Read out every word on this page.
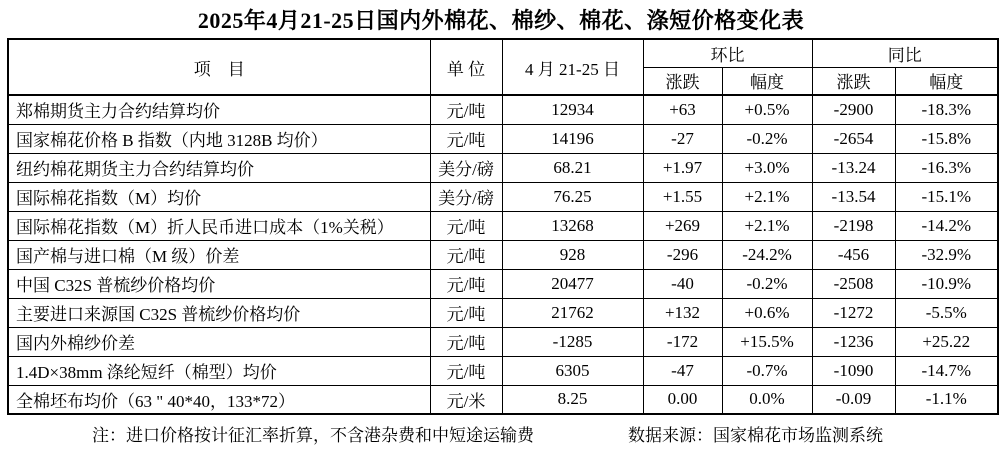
2025年4月21-25日国内外棉花、棉纱、棉花、涤短价格变化表
项　目	单 位	4 月 21-25 日	环比		同比	
			涨跌	幅度	涨跌	幅度
郑棉期货主力合约结算均价	元/吨	12934	+63	+0.5%	-2900	-18.3%
国家棉花价格 B 指数（内地 3128B 均价）	元/吨	14196	-27	-0.2%	-2654	-15.8%
纽约棉花期货主力合约结算均价	美分/磅	68.21	+1.97	+3.0%	-13.24	-16.3%
国际棉花指数（M）均价	美分/磅	76.25	+1.55	+2.1%	-13.54	-15.1%
国际棉花指数（M）折人民币进口成本（1%关税）	元/吨	13268	+269	+2.1%	-2198	-14.2%
国产棉与进口棉（M 级）价差	元/吨	928	-296	-24.2%	-456	-32.9%
中国 C32S 普梳纱价格均价	元/吨	20477	-40	-0.2%	-2508	-10.9%
主要进口来源国 C32S 普梳纱价格均价	元/吨	21762	+132	+0.6%	-1272	-5.5%
国内外棉纱价差	元/吨	-1285	-172	+15.5%	-1236	+25.22
1.4D×38mm 涤纶短纤（棉型）均价	元/吨	6305	-47	-0.7%	-1090	-14.7%
全棉坯布均价（63 " 40*40，133*72）	元/米	8.25	0.00	0.0%	-0.09	-1.1%
注：进口价格按计征汇率折算，不含港杂费和中短途运输费	数据来源：国家棉花市场监测系统
